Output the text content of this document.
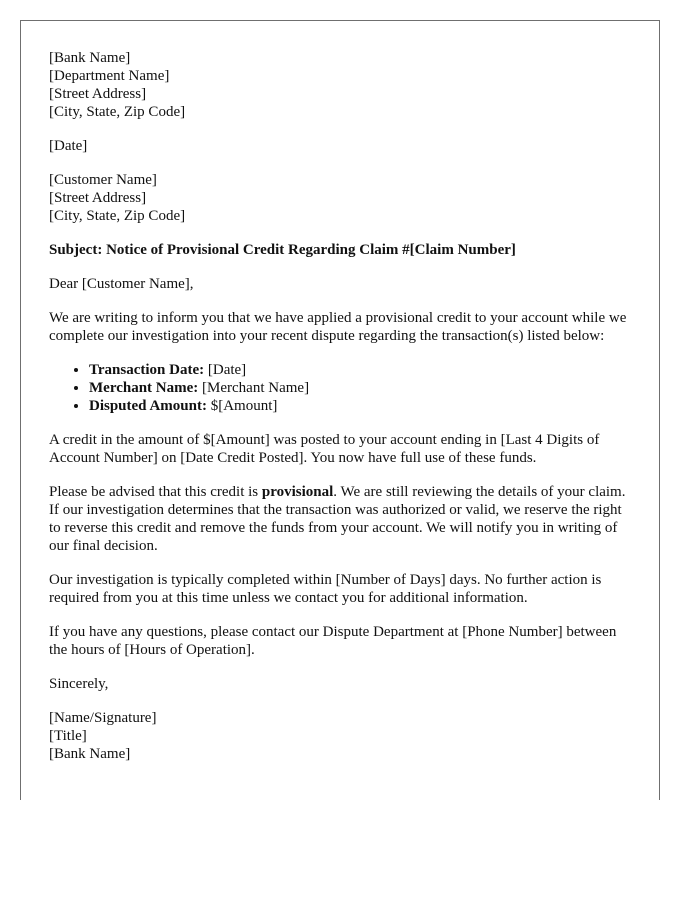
[Bank Name]
[Department Name]
[Street Address]
[City, State, Zip Code]
[Date]
[Customer Name]
[Street Address]
[City, State, Zip Code]
Subject: Notice of Provisional Credit Regarding Claim #[Claim Number]
Dear [Customer Name],
We are writing to inform you that we have applied a provisional credit to your account while we complete our investigation into your recent dispute regarding the transaction(s) listed below:
• Transaction Date: [Date]
• Merchant Name: [Merchant Name]
• Disputed Amount: $[Amount]
A credit in the amount of $[Amount] was posted to your account ending in [Last 4 Digits of Account Number] on [Date Credit Posted]. You now have full use of these funds.
Please be advised that this credit is provisional. We are still reviewing the details of your claim. If our investigation determines that the transaction was authorized or valid, we reserve the right to reverse this credit and remove the funds from your account. We will notify you in writing of our final decision.
Our investigation is typically completed within [Number of Days] days. No further action is required from you at this time unless we contact you for additional information.
If you have any questions, please contact our Dispute Department at [Phone Number] between the hours of [Hours of Operation].
Sincerely,
[Name/Signature]
[Title]
[Bank Name]
